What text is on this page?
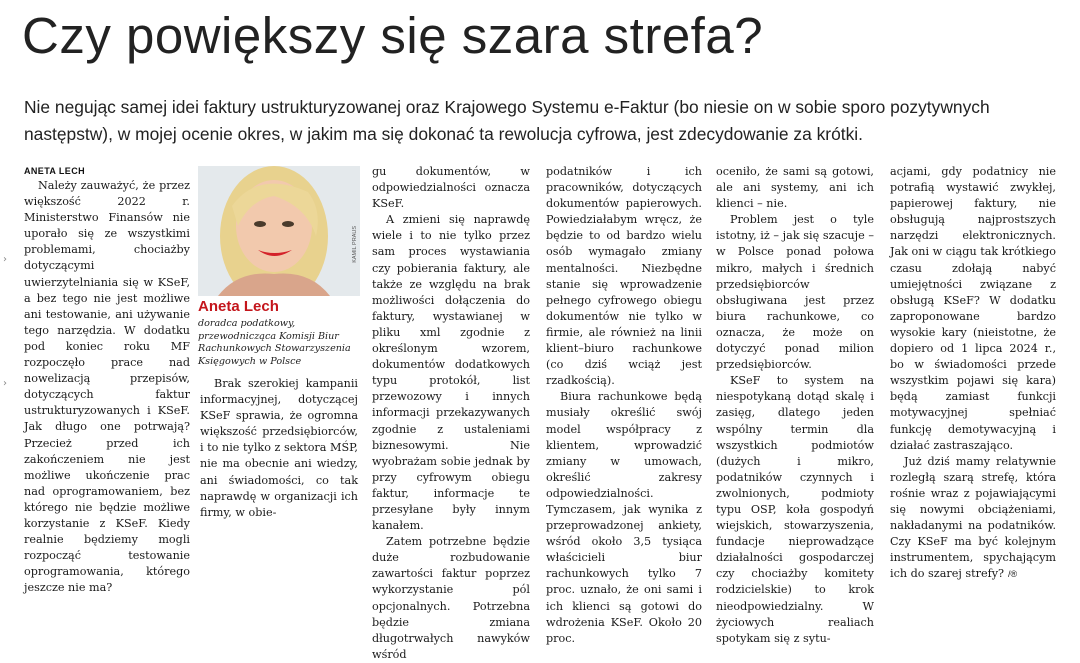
›
›
Czy powiększy się szara strefa?
Nie negując samej idei faktury ustrukturyzowanej oraz Krajowego Systemu e-Faktur (bo niesie on w sobie sporo pozytywnych następstw), w mojej ocenie okres, w jakim ma się dokonać ta rewolucja cyfrowa, jest zdecydowanie za krótki.
ANETA LECH
KAMIL PRAUS
Aneta Lech
doradca podatkowy, przewodnicząca Komisji Biur Rachunkowych Stowarzyszenia Księgowych w Polsce

Należy zauważyć, że przez większość 2022 r. Ministerstwo Finansów nie uporało się ze wszystkimi problemami, chociażby dotyczącymi uwierzytelniania się w KSeF, a bez tego nie jest możliwe ani testowanie, ani używanie tego narzędzia. W dodatku pod koniec roku MF rozpoczęło prace nad nowelizacją przepisów, dotyczących faktur ustrukturyzowanych i KSeF. Jak długo one potrwają? Przecież przed ich zakończeniem nie jest możliwe ukończenie prac nad oprogramowaniem, bez którego nie będzie możliwe korzystanie z KSeF. Kiedy realnie będziemy mogli rozpocząć testowanie oprogramowania, którego jeszcze nie ma?

Brak szerokiej kampanii informacyjnej, dotyczącej KSeF sprawia, że ogromna większość przedsiębiorców, i to nie tylko z sektora MŚP, nie ma obecnie ani wiedzy, ani świadomości, co tak naprawdę w organizacji ich firmy, w obie-

gu dokumentów, w odpowiedzialności oznacza KSeF.

A zmieni się naprawdę wiele i to nie tylko przez sam proces wystawiania czy pobierania faktury, ale także ze względu na brak możliwości dołączenia do faktury, wystawianej w pliku xml zgodnie z określonym wzorem, dokumentów dodatkowych typu protokół, list przewozowy i innych informacji przekazywanych zgodnie z ustaleniami biznesowymi. Nie wyobrażam sobie jednak by przy cyfrowym obiegu faktur, informacje te przesyłane były innym kanałem.

Zatem potrzebne będzie duże rozbudowanie zawartości faktur poprzez wykorzystanie pól opcjonalnych. Potrzebna będzie zmiana długotrwałych nawyków wśród

podatników i ich pracowników, dotyczących dokumentów papierowych. Powiedziałabym wręcz, że będzie to od bardzo wielu osób wymagało zmiany mentalności. Niezbędne stanie się wprowadzenie pełnego cyfrowego obiegu dokumentów nie tylko w firmie, ale również na linii klient–biuro rachunkowe (co dziś wciąż jest rzadkością).

Biura rachunkowe będą musiały określić swój model współpracy z klientem, wprowadzić zmiany w umowach, określić zakresy odpowiedzialności. Tymczasem, jak wynika z przeprowadzonej ankiety, wśród około 3,5 tysiąca właścicieli biur rachunkowych tylko 7 proc. uznało, że oni sami i ich klienci są gotowi do wdrożenia KSeF. Około 20 proc.

oceniło, że sami są gotowi, ale ani systemy, ani ich klienci – nie.

Problem jest o tyle istotny, iż – jak się szacuje – w Polsce ponad połowa mikro, małych i średnich przedsiębiorców obsługiwana jest przez biura rachunkowe, co oznacza, że może on dotyczyć ponad milion przedsiębiorców.

KSeF to system na niespotykaną dotąd skalę i zasięg, dlatego jeden wspólny termin dla wszystkich podmiotów (dużych i mikro, podatników czynnych i zwolnionych, podmioty typu OSP, koła gospodyń wiejskich, stowarzyszenia, fundacje nieprowadzące działalności gospodarczej czy chociażby komitety rodzicielskie) to krok nieodpowiedzialny. W życiowych realiach spotykam się z sytu-

acjami, gdy podatnicy nie potrafią wystawić zwykłej, papierowej faktury, nie obsługują najprostszych narzędzi elektronicznych. Jak oni w ciągu tak krótkiego czasu zdołają nabyć umiejętności związane z obsługą KSeF? W dodatku zaproponowane bardzo wysokie kary (nieistotne, że dopiero od 1 lipca 2024 r., bo w świadomości przede wszystkim pojawi się kara) będą zamiast funkcji motywacyjnej spełniać funkcję demotywacyjną i działać zastraszająco.

Już dziś mamy relatywnie rozległą szarą strefę, która rośnie wraz z pojawiającymi się nowymi obciążeniami, nakładanymi na podatników. Czy KSeF ma być kolejnym instrumentem, spychającym ich do szarej strefy? /®
